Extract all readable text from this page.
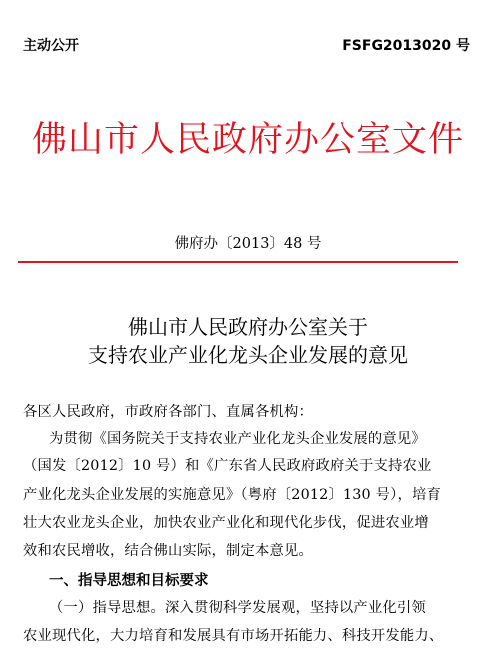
主动公开	FSFG2013020 号
佛山市人民政府办公室文件
佛府办〔2013〕48 号
佛山市人民政府办公室关于
支持农业产业化龙头企业发展的意见
各区人民政府，市政府各部门、直属各机构：
为贯彻《国务院关于支持农业产业化龙头企业发展的意见》
（国发〔2012〕10 号）和《广东省人民政府政府关于支持农业
产业化龙头企业发展的实施意见》（粤府〔2012〕130 号），培育
壮大农业龙头企业，加快农业产业化和现代化步伐，促进农业增
效和农民增收，结合佛山实际，制定本意见。
一、指导思想和目标要求
（一）指导思想。深入贯彻科学发展观，坚持以产业化引领
农业现代化，大力培育和发展具有市场开拓能力、科技开发能力、
